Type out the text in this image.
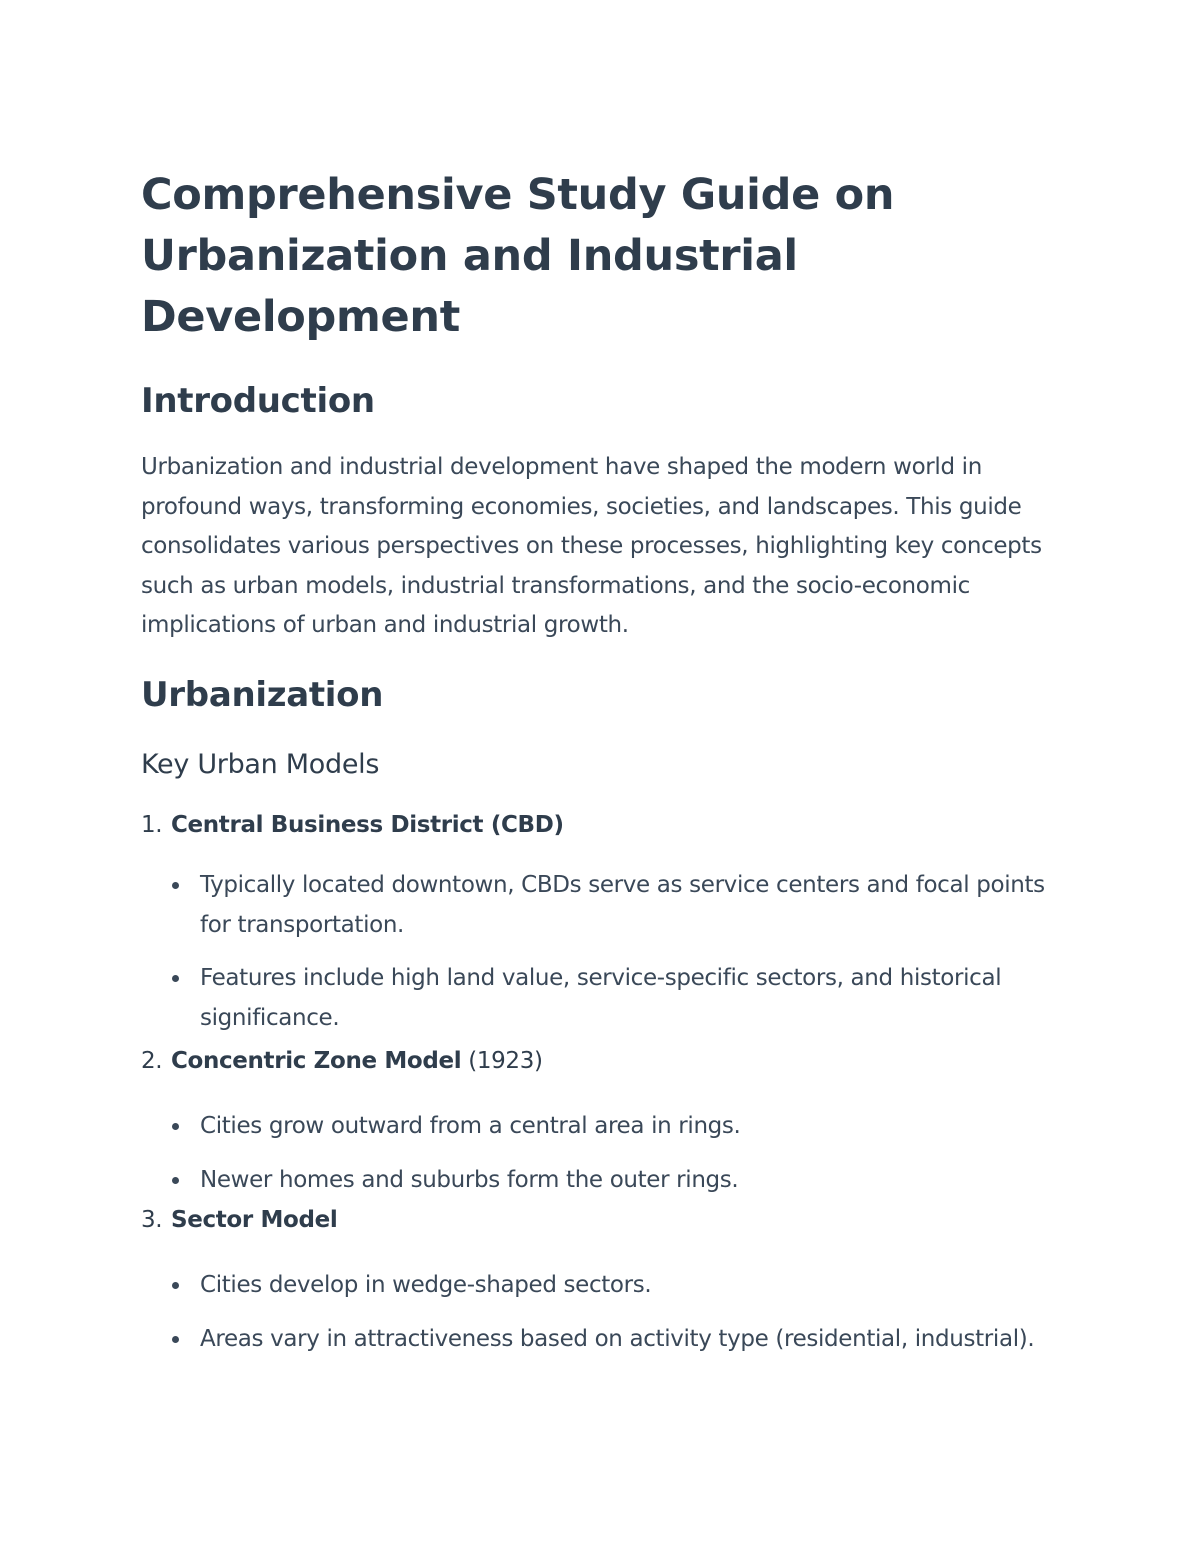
Comprehensive Study Guide on Urbanization and Industrial Development
Introduction

Urbanization and industrial development have shaped the modern world in profound ways, transforming economies, societies, and landscapes. This guide consolidates various perspectives on these processes, highlighting key concepts such as urban models, industrial transformations, and the socio-economic implications of urban and industrial growth.

Urbanization
Key Urban Models
1. Central Business District (CBD)
Typically located downtown, CBDs serve as service centers and focal points for transportation.
Features include high land value, service-specific sectors, and historical significance.
2. Concentric Zone Model (1923)
Cities grow outward from a central area in rings.
Newer homes and suburbs form the outer rings.
3. Sector Model
Cities develop in wedge-shaped sectors.
Areas vary in attractiveness based on activity type (residential, industrial).
